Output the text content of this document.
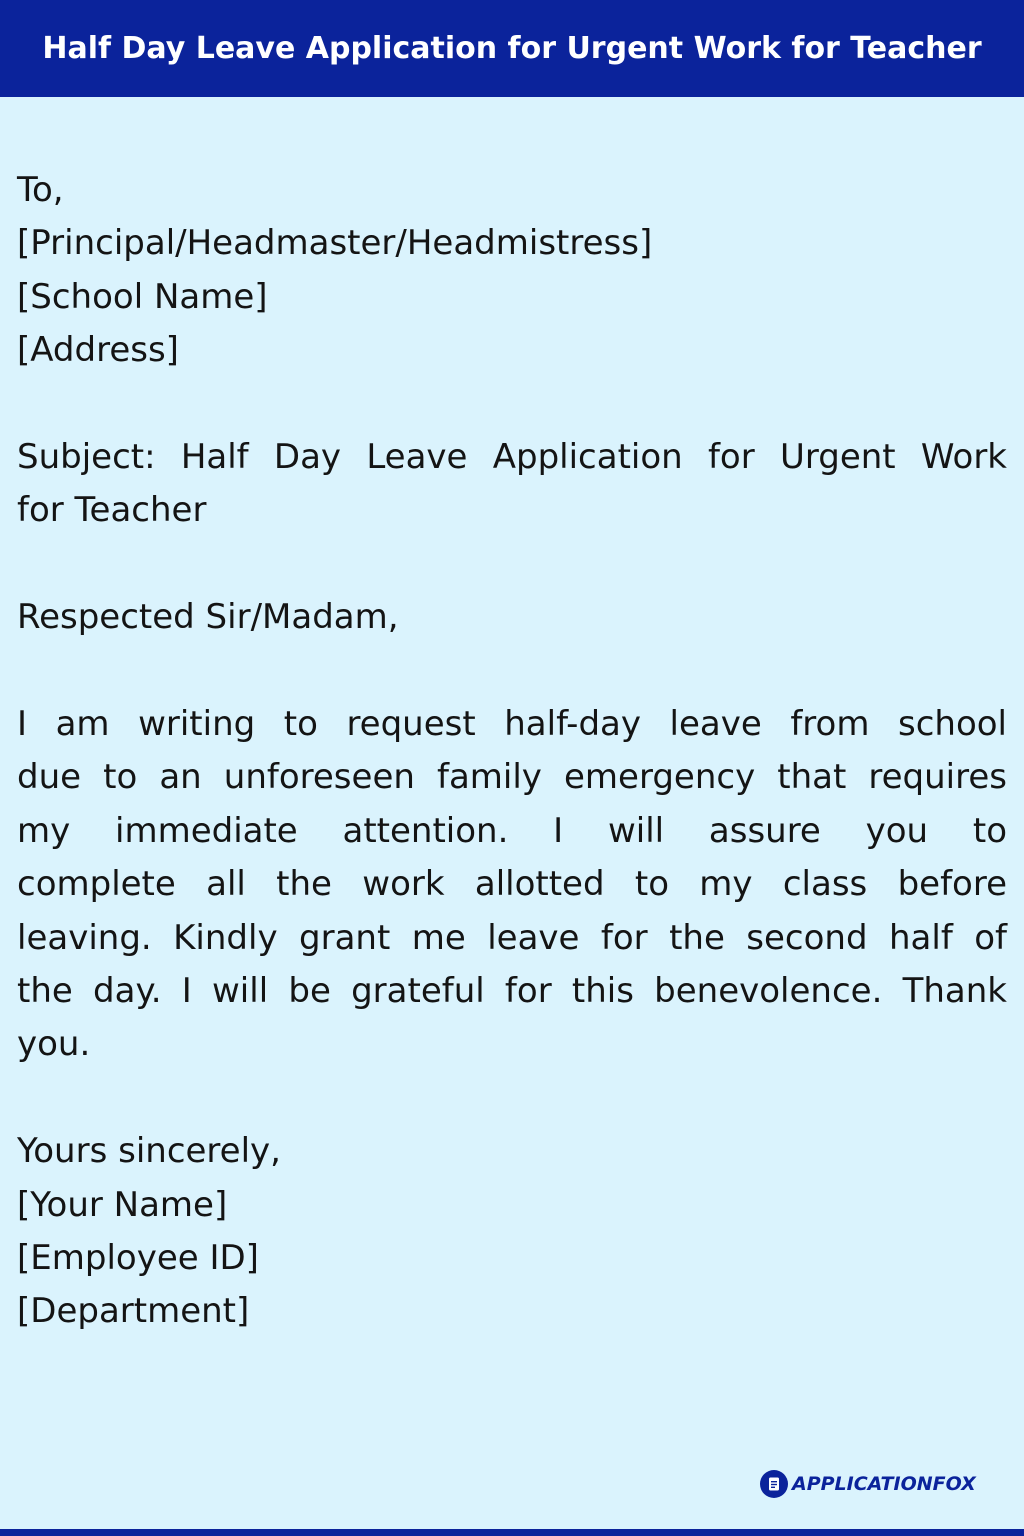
Half Day Leave Application for Urgent Work for Teacher
To,
[Principal/Headmaster/Headmistress]
[School Name]
[Address]
Subject: Half Day Leave Application for Urgent Work
for Teacher
Respected Sir/Madam,
I am writing to request half-day leave from school
due to an unforeseen family emergency that requires
my immediate attention. I will assure you to
complete all the work allotted to my class before
leaving. Kindly grant me leave for the second half of
the day. I will be grateful for this benevolence. Thank
you.
Yours sincerely,
[Your Name]
[Employee ID]
[Department]
APPLICATIONFOX
